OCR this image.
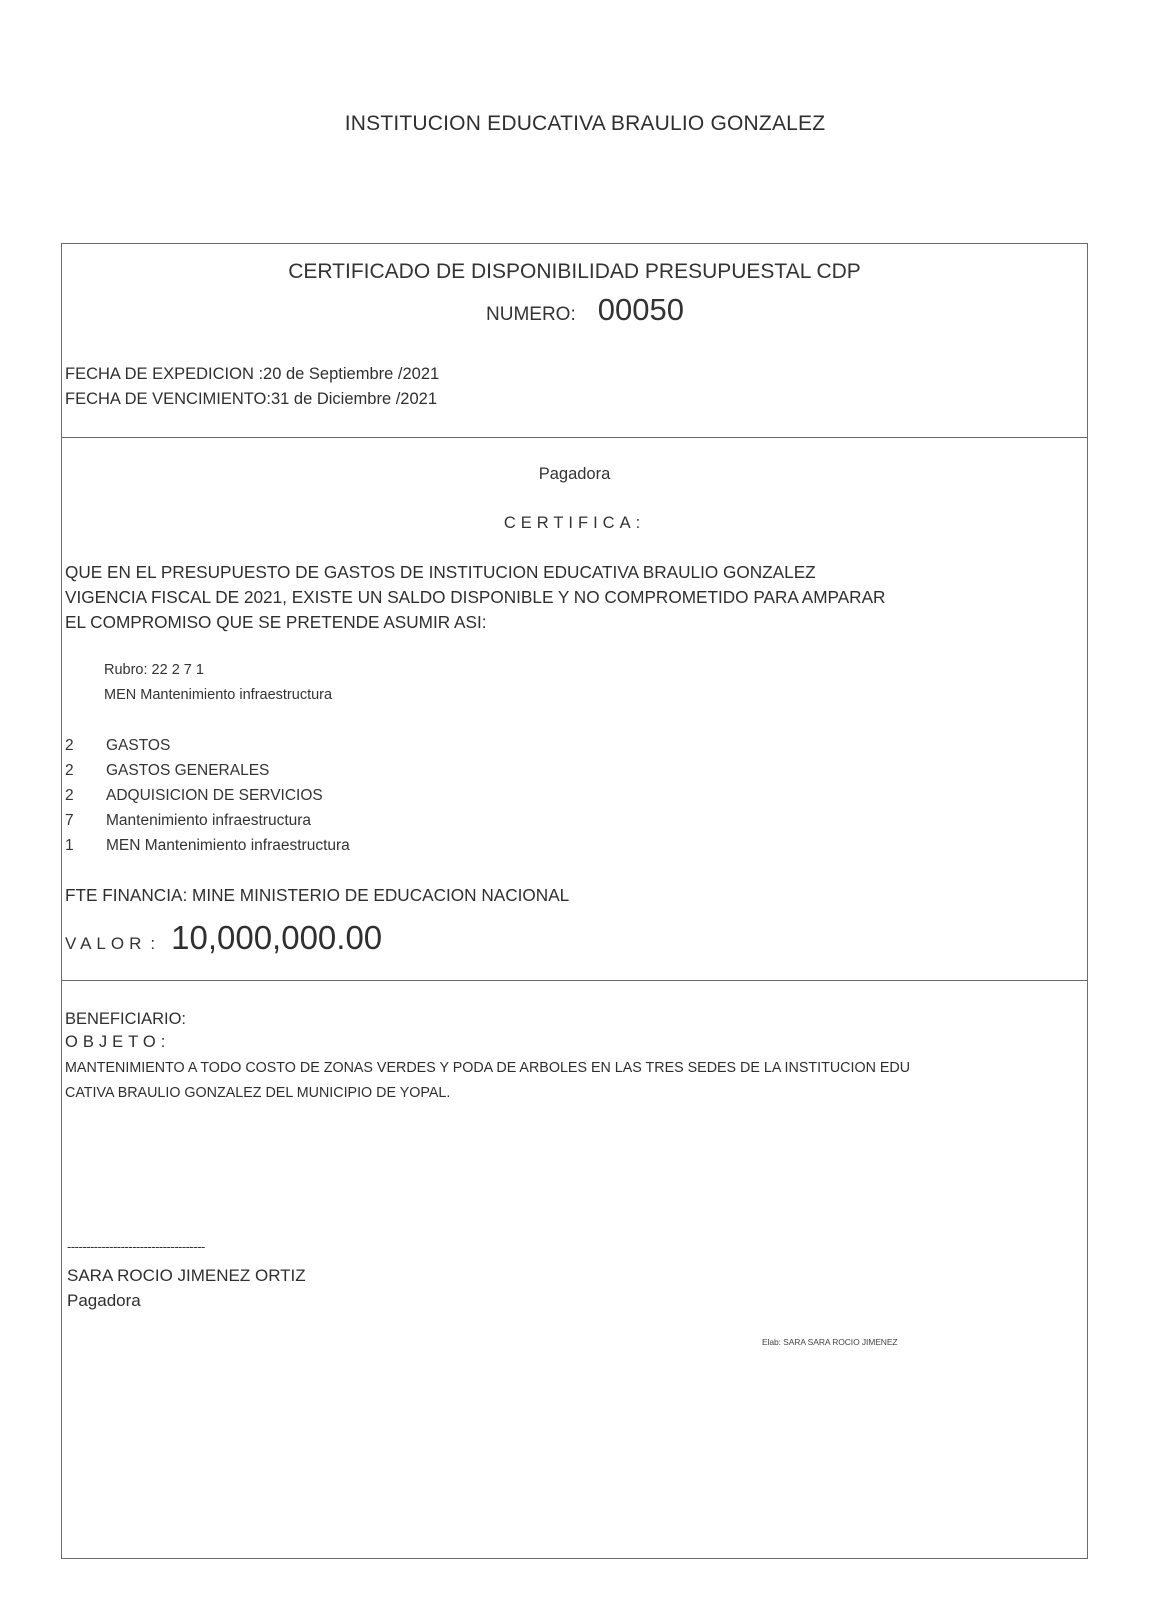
INSTITUCION EDUCATIVA BRAULIO GONZALEZ
CERTIFICADO DE DISPONIBILIDAD PRESUPUESTAL CDP
NUMERO: 00050
FECHA DE EXPEDICION :20 de Septiembre /2021
FECHA DE VENCIMIENTO:31 de Diciembre /2021
Pagadora
CERTIFICA:
QUE EN EL PRESUPUESTO DE GASTOS DE INSTITUCION EDUCATIVA BRAULIO GONZALEZ
VIGENCIA FISCAL DE 2021, EXISTE UN SALDO DISPONIBLE Y NO COMPROMETIDO PARA AMPARAR
EL COMPROMISO QUE SE PRETENDE ASUMIR ASI:
Rubro: 22 2 7 1
MEN Mantenimiento infraestructura
2	GASTOS
2	GASTOS GENERALES
2	ADQUISICION DE SERVICIOS
7	Mantenimiento infraestructura
1	MEN Mantenimiento infraestructura
FTE FINANCIA: MINE MINISTERIO DE EDUCACION NACIONAL
VALOR : 10,000,000.00
BENEFICIARIO:
OBJETO:
MANTENIMIENTO A TODO COSTO DE ZONAS VERDES Y PODA DE ARBOLES EN LAS TRES SEDES DE LA INSTITUCION EDU
CATIVA BRAULIO GONZALEZ DEL MUNICIPIO DE YOPAL.
------------------------------------
SARA ROCIO JIMENEZ ORTIZ
Pagadora
Elab: SARA SARA ROCIO JIMENEZ
